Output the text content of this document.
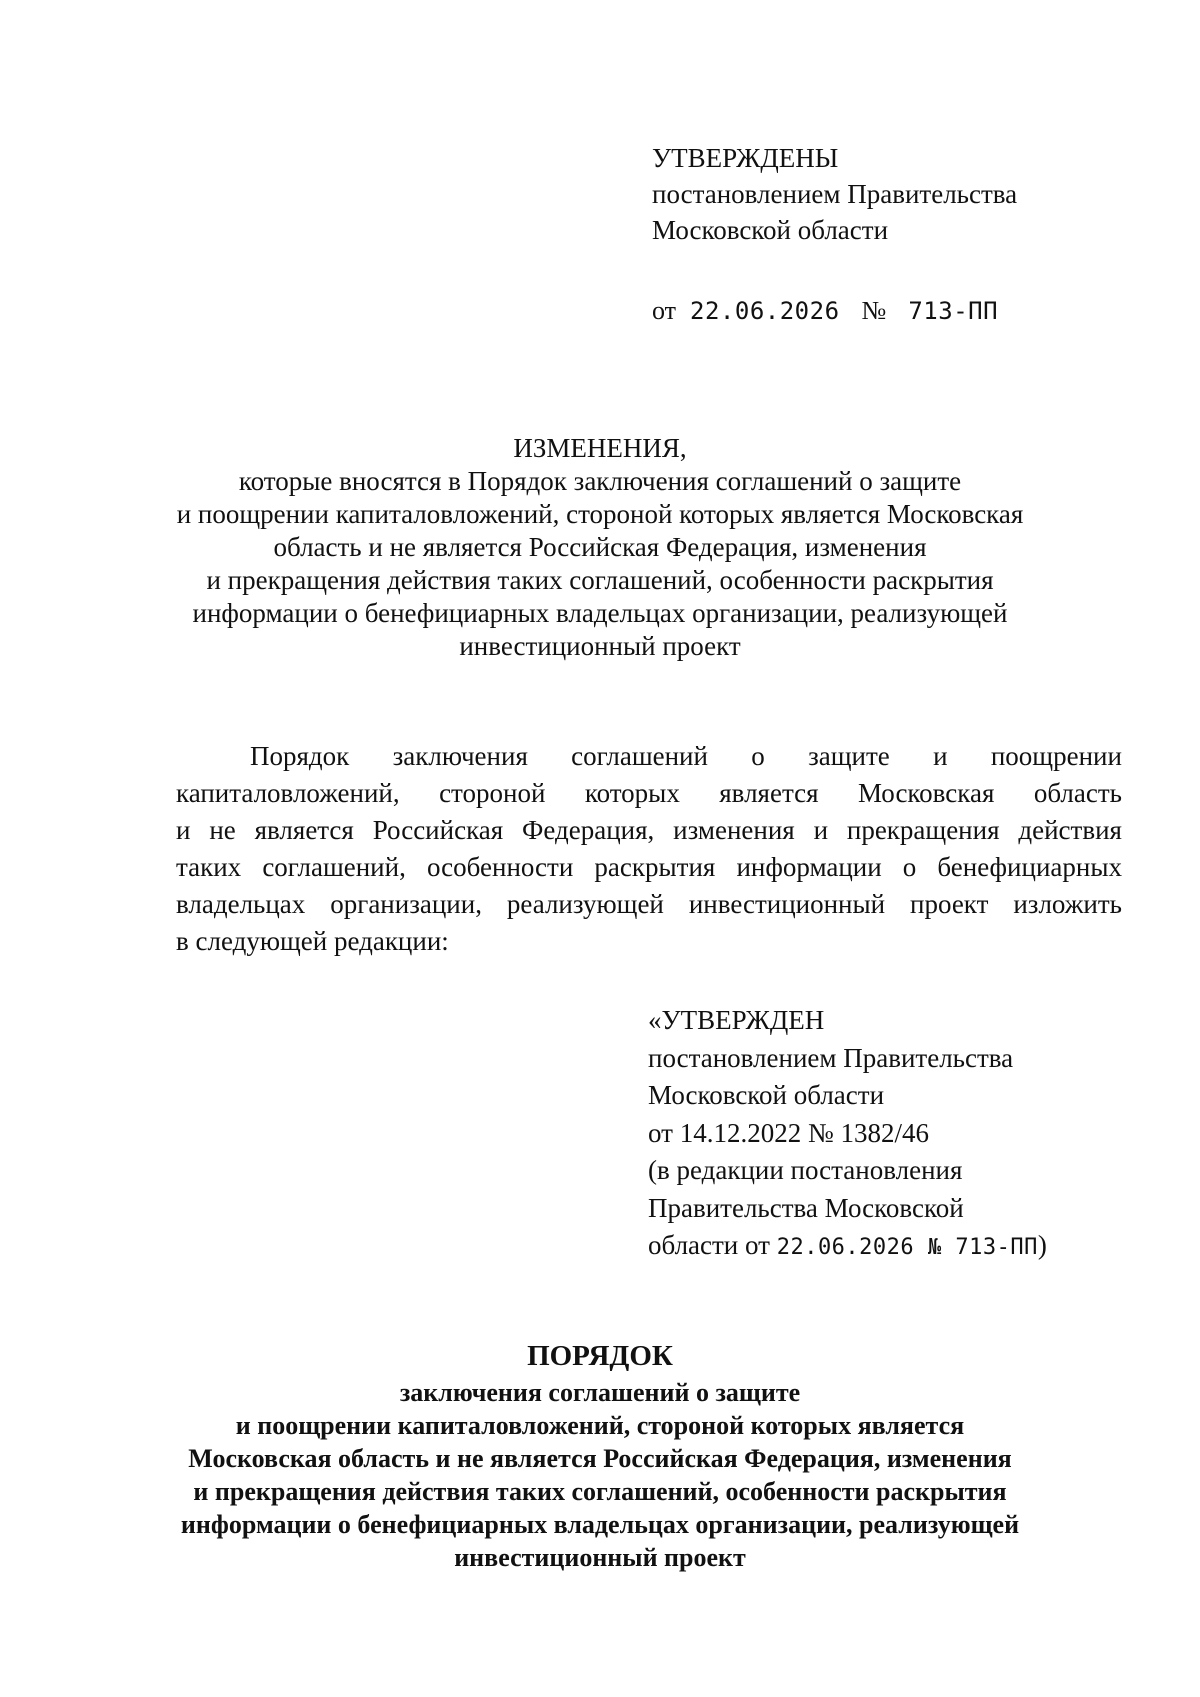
УТВЕРЖДЕНЫ
постановлением Правительства
Московской области
от 22.06.2026 № 713-ПП
ИЗМЕНЕНИЯ,
которые вносятся в Порядок заключения соглашений о защите
и поощрении капиталовложений, стороной которых является Московская
область и не является Российская Федерация, изменения
и прекращения действия таких соглашений, особенности раскрытия
информации о бенефициарных владельцах организации, реализующей
инвестиционный проект
Порядок заключения соглашений о защите и поощрении
капиталовложений, стороной которых является Московская область
и не является Российская Федерация, изменения и прекращения действия
таких соглашений, особенности раскрытия информации о бенефициарных
владельцах организации, реализующей инвестиционный проект изложить
в следующей редакции:
«УТВЕРЖДЕН
постановлением Правительства
Московской области
от 14.12.2022 № 1382/46
(в редакции постановления
Правительства Московской
области от 22.06.2026 № 713-ПП)
ПОРЯДОК
заключения соглашений о защите
и поощрении капиталовложений, стороной которых является
Московская область и не является Российская Федерация, изменения
и прекращения действия таких соглашений, особенности раскрытия
информации о бенефициарных владельцах организации, реализующей
инвестиционный проект
